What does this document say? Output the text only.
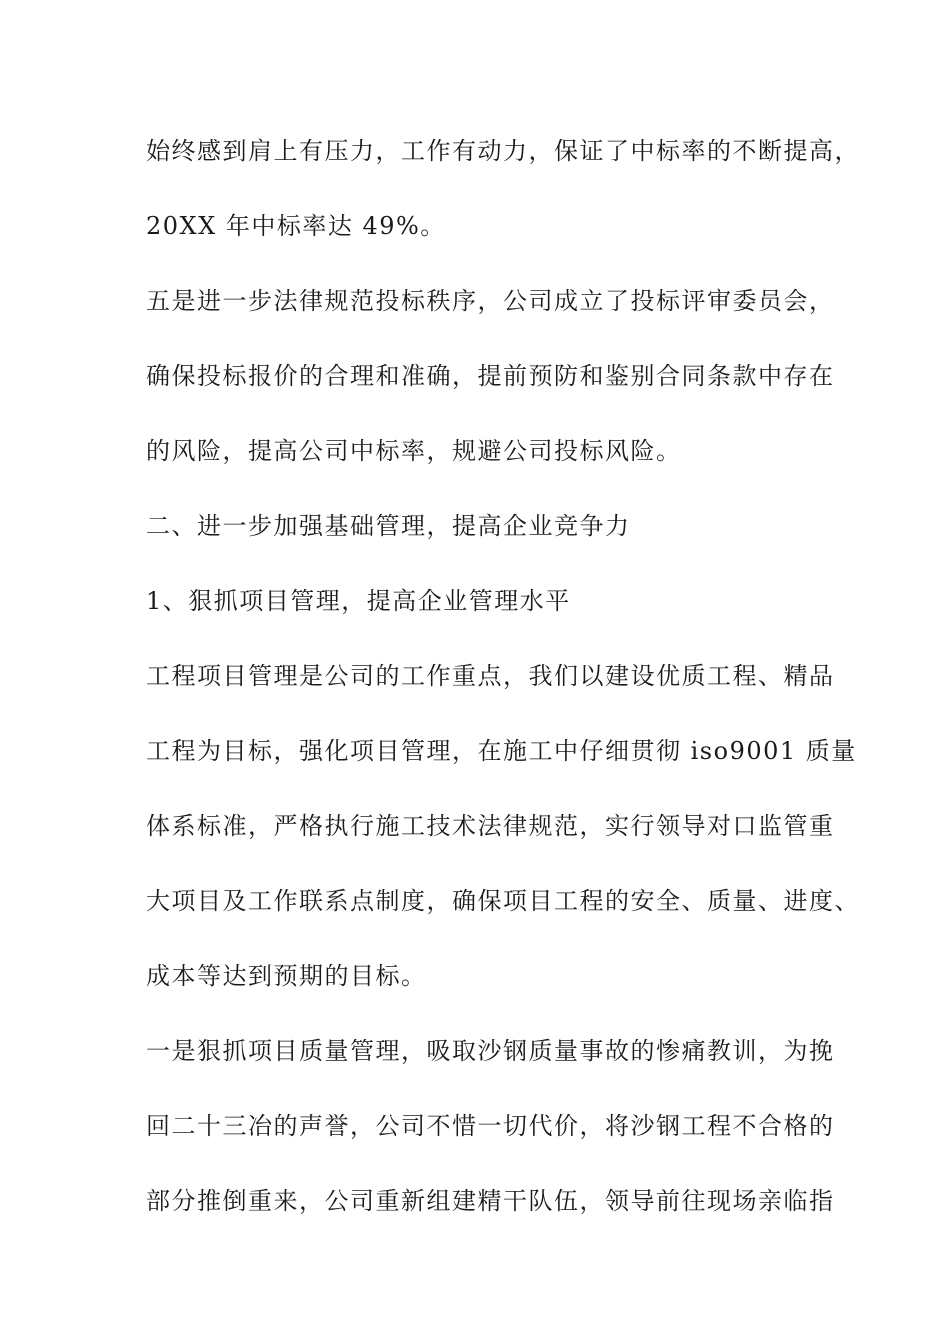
始终感到肩上有压力，工作有动力，保证了中标率的不断提高，
20XX 年中标率达 49%。
五是进一步法律规范投标秩序，公司成立了投标评审委员会，
确保投标报价的合理和准确，提前预防和鉴别合同条款中存在
的风险，提高公司中标率，规避公司投标风险。
二、进一步加强基础管理，提高企业竞争力
1、狠抓项目管理，提高企业管理水平
工程项目管理是公司的工作重点，我们以建设优质工程、精品
工程为目标，强化项目管理，在施工中仔细贯彻 iso9001 质量
体系标准，严格执行施工技术法律规范，实行领导对口监管重
大项目及工作联系点制度，确保项目工程的安全、质量、进度、
成本等达到预期的目标。
一是狠抓项目质量管理，吸取沙钢质量事故的惨痛教训，为挽
回二十三冶的声誉，公司不惜一切代价，将沙钢工程不合格的
部分推倒重来，公司重新组建精干队伍，领导前往现场亲临指
